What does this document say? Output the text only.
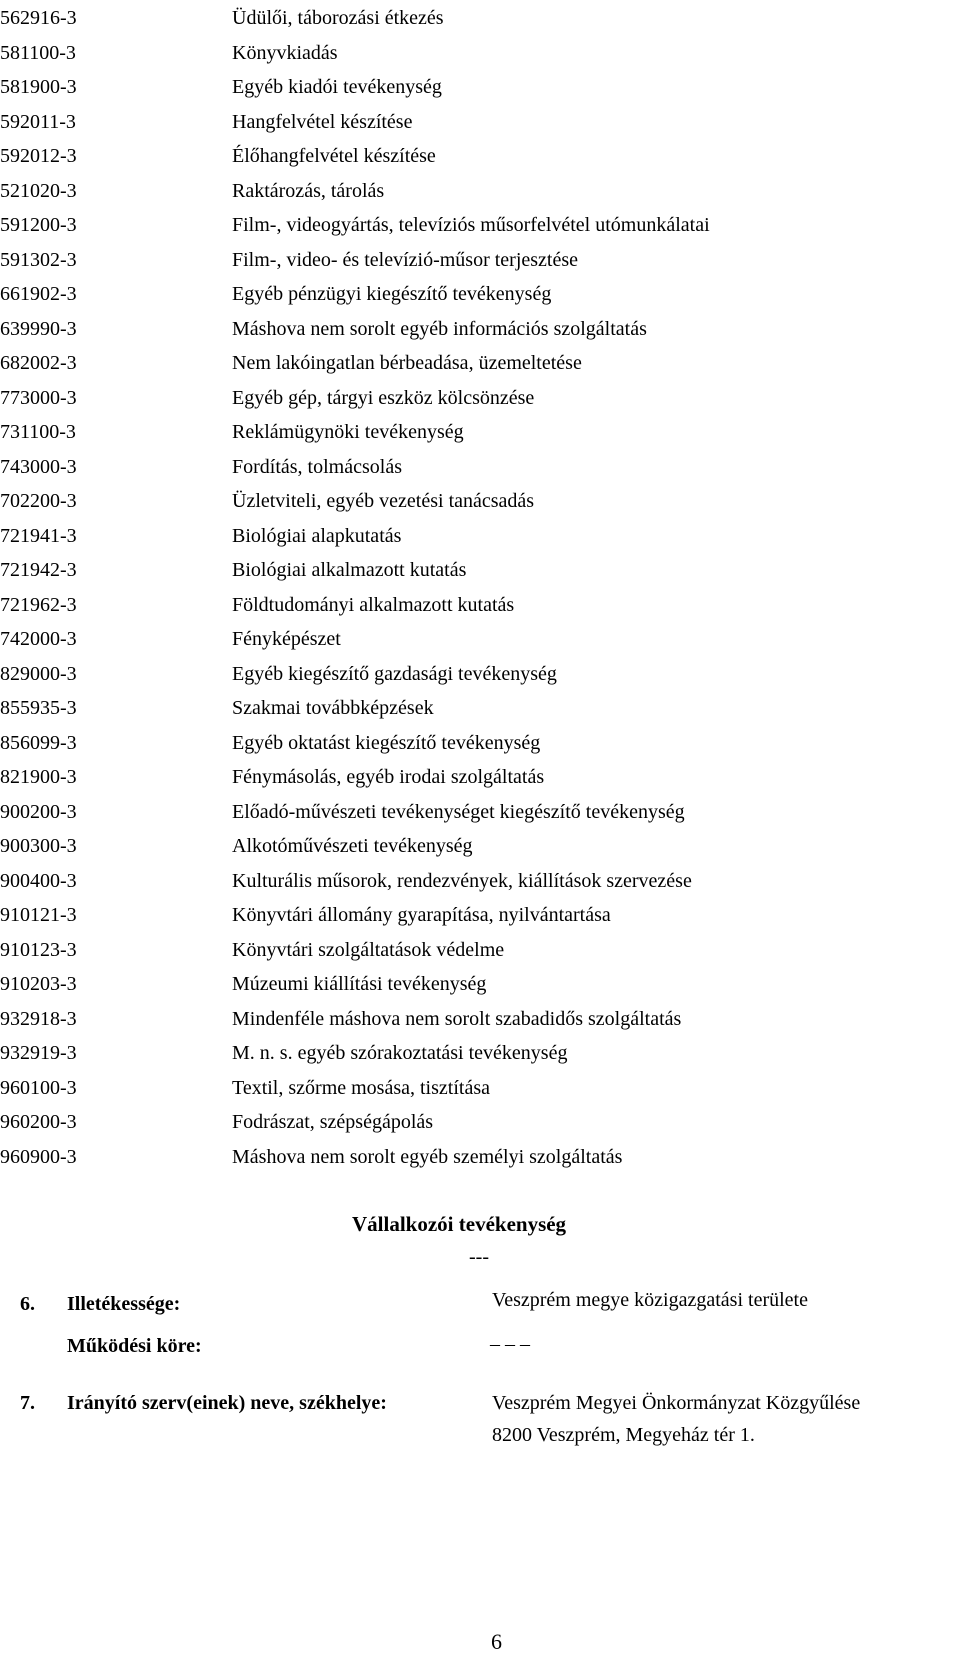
562916-3	Üdülői, táborozási étkezés
581100-3	Könyvkiadás
581900-3	Egyéb kiadói tevékenység
592011-3	Hangfelvétel készítése
592012-3	Élőhangfelvétel készítése
521020-3	Raktározás, tárolás
591200-3	Film-, videogyártás, televíziós műsorfelvétel utómunkálatai
591302-3	Film-, video- és televízió-műsor terjesztése
661902-3	Egyéb pénzügyi kiegészítő tevékenység
639990-3	Máshova nem sorolt egyéb információs szolgáltatás
682002-3	Nem lakóingatlan bérbeadása, üzemeltetése
773000-3	Egyéb gép, tárgyi eszköz kölcsönzése
731100-3	Reklámügynöki tevékenység
743000-3	Fordítás, tolmácsolás
702200-3	Üzletviteli, egyéb vezetési tanácsadás
721941-3	Biológiai alapkutatás
721942-3	Biológiai alkalmazott kutatás
721962-3	Földtudományi alkalmazott kutatás
742000-3	Fényképészet
829000-3	Egyéb kiegészítő gazdasági tevékenység
855935-3	Szakmai továbbképzések
856099-3	Egyéb oktatást kiegészítő tevékenység
821900-3	Fénymásolás, egyéb irodai szolgáltatás
900200-3	Előadó-művészeti tevékenységet kiegészítő tevékenység
900300-3	Alkotóművészeti tevékenység
900400-3	Kulturális műsorok, rendezvények, kiállítások szervezése
910121-3	Könyvtári állomány gyarapítása, nyilvántartása
910123-3	Könyvtári szolgáltatások védelme
910203-3	Múzeumi kiállítási tevékenység
932918-3	Mindenféle máshova nem sorolt szabadidős szolgáltatás
932919-3	M. n. s. egyéb szórakoztatási tevékenység
960100-3	Textil, szőrme mosása, tisztítása
960200-3	Fodrászat, szépségápolás
960900-3	Máshova nem sorolt egyéb személyi szolgáltatás
Vállalkozói tevékenység
---
6. Illetékessége:	Veszprém megye közigazgatási területe
Működési köre:	– – –
7. Irányító szerv(einek) neve, székhelye:	Veszprém Megyei Önkormányzat Közgyűlése
8200 Veszprém, Megyeház tér 1.
6
